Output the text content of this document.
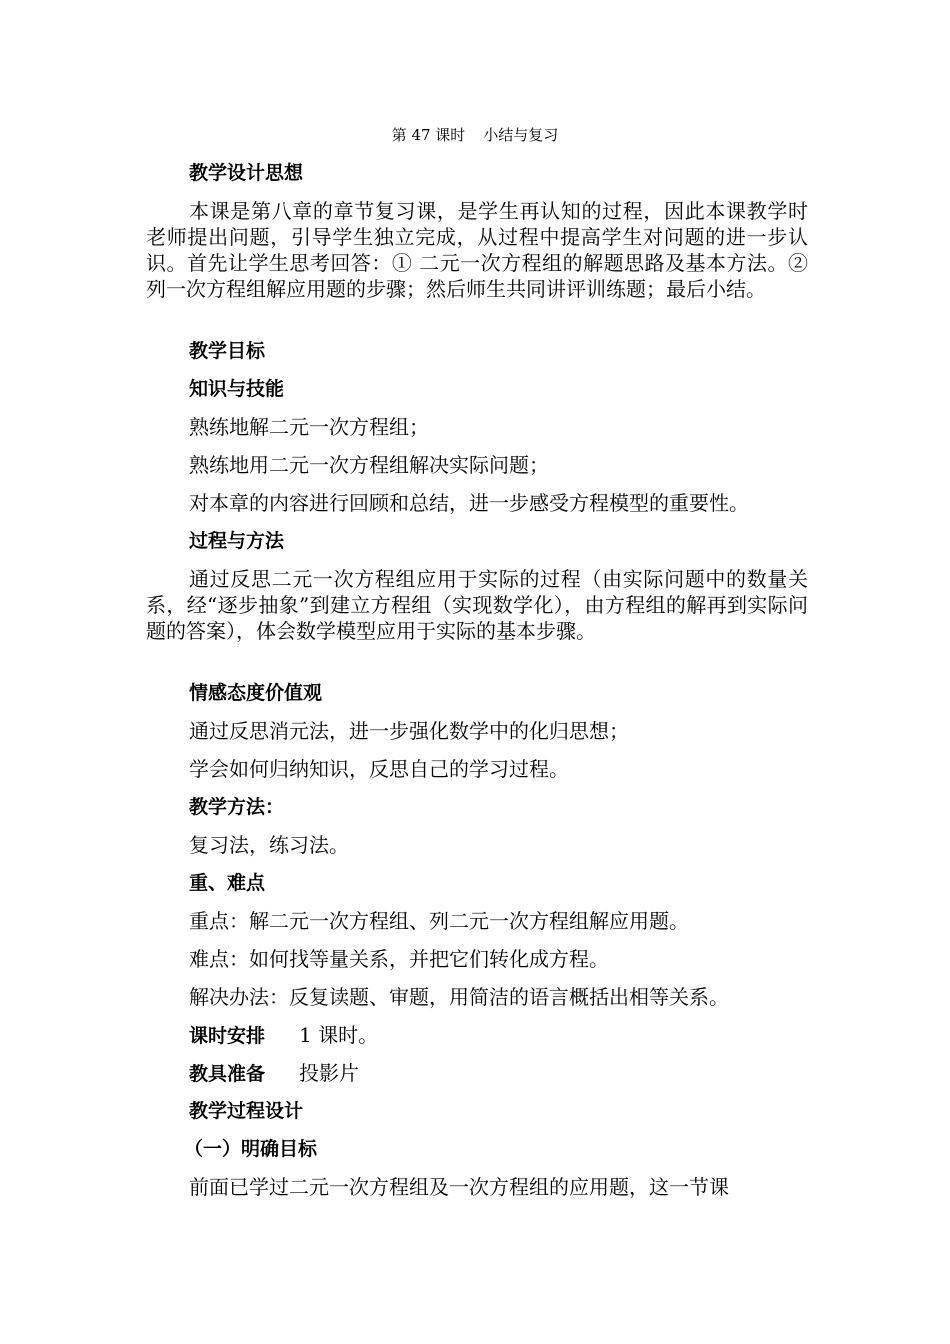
第 47 课时 小结与复习
教学设计思想
本课是第八章的章节复习课，是学生再认知的过程，因此本课教学时老师提出问题，引导学生独立完成，从过程中提高学生对问题的进一步认识。首先让学生思考回答：① 二元一次方程组的解题思路及基本方法。② 列一次方程组解应用题的步骤；然后师生共同讲评训练题；最后小结。
教学目标
知识与技能
熟练地解二元一次方程组；
熟练地用二元一次方程组解决实际问题；
对本章的内容进行回顾和总结，进一步感受方程模型的重要性。
过程与方法
通过反思二元一次方程组应用于实际的过程（由实际问题中的数量关系，经“逐步抽象”到建立方程组（实现数学化），由方程组的解再到实际问题的答案），体会数学模型应用于实际的基本步骤。
情感态度价值观
通过反思消元法，进一步强化数学中的化归思想；
学会如何归纳知识，反思自己的学习过程。
教学方法：
复习法，练习法。
重、难点
重点：解二元一次方程组、列二元一次方程组解应用题。
难点：如何找等量关系，并把它们转化成方程。
解决办法：反复读题、审题，用简洁的语言概括出相等关系。
课时安排 1 课时。
教具准备 投影片
教学过程设计
（一）明确目标
前面已学过二元一次方程组及一次方程组的应用题，这一节课
